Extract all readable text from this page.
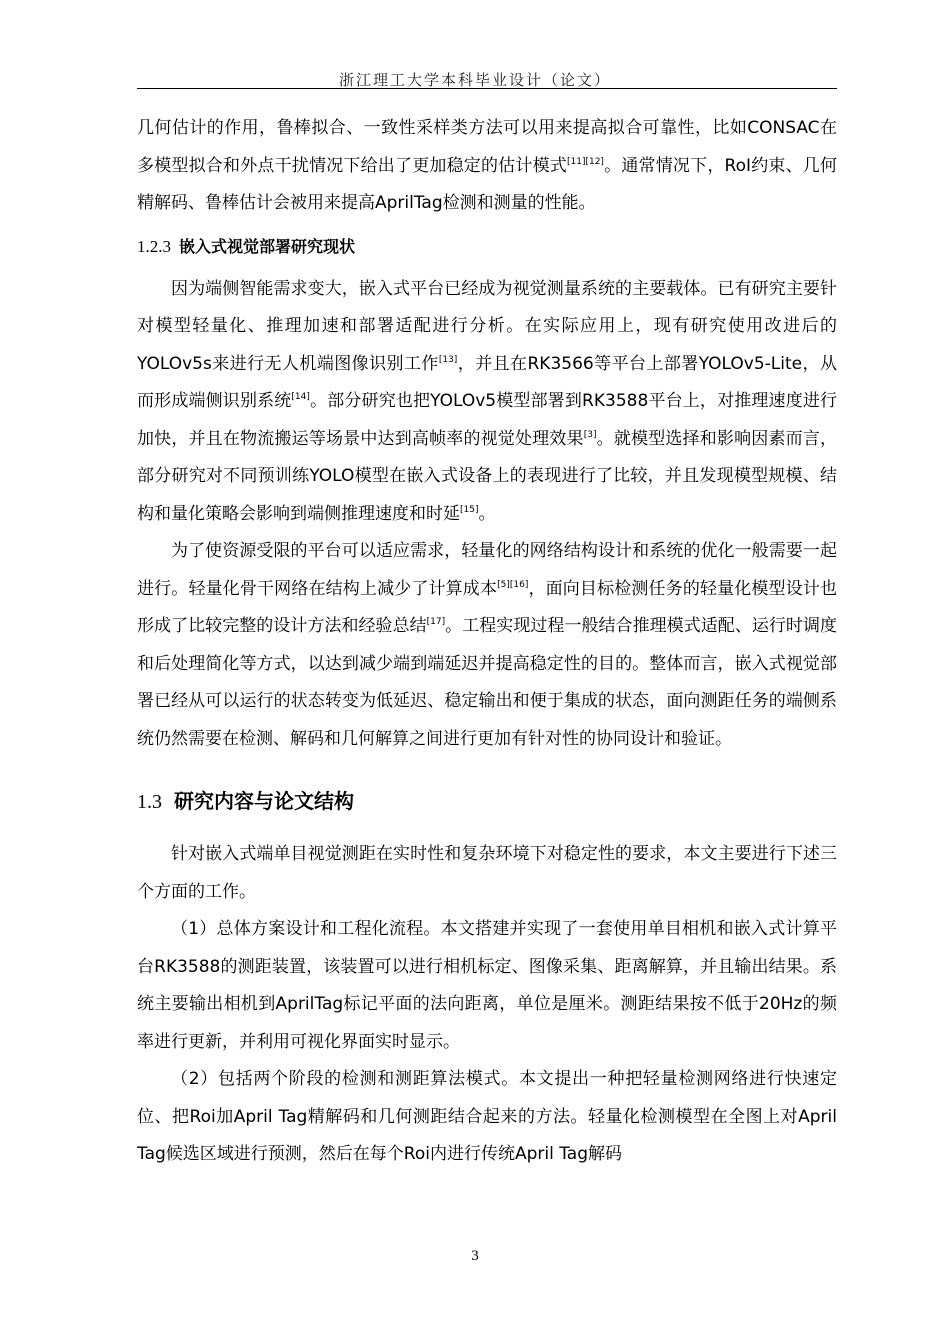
浙江理工大学本科毕业设计（论文）

几何估计的作用，鲁棒拟合、一致性采样类方法可以用来提高拟合可靠性，比如CONSAC在多模型拟合和外点干扰情况下给出了更加稳定的估计模式[11][12]。通常情况下，RoI约束、几何精解码、鲁棒估计会被用来提高AprilTag检测和测量的性能。

1.2.3 嵌入式视觉部署研究现状

因为端侧智能需求变大，嵌入式平台已经成为视觉测量系统的主要载体。已有研究主要针对模型轻量化、推理加速和部署适配进行分析。在实际应用上，现有研究使用改进后的YOLOv5s来进行无人机端图像识别工作[13]，并且在RK3566等平台上部署YOLOv5-Lite，从而形成端侧识别系统[14]。部分研究也把YOLOv5模型部署到RK3588平台上，对推理速度进行加快，并且在物流搬运等场景中达到高帧率的视觉处理效果[3]。就模型选择和影响因素而言，部分研究对不同预训练YOLO模型在嵌入式设备上的表现进行了比较，并且发现模型规模、结构和量化策略会影响到端侧推理速度和时延[15]。

为了使资源受限的平台可以适应需求，轻量化的网络结构设计和系统的优化一般需要一起进行。轻量化骨干网络在结构上减少了计算成本[5][16]，面向目标检测任务的轻量化模型设计也形成了比较完整的设计方法和经验总结[17]。工程实现过程一般结合推理模式适配、运行时调度和后处理简化等方式，以达到减少端到端延迟并提高稳定性的目的。整体而言，嵌入式视觉部署已经从可以运行的状态转变为低延迟、稳定输出和便于集成的状态，面向测距任务的端侧系统仍然需要在检测、解码和几何解算之间进行更加有针对性的协同设计和验证。

1.3 研究内容与论文结构

针对嵌入式端单目视觉测距在实时性和复杂环境下对稳定性的要求，本文主要进行下述三个方面的工作。

（1）总体方案设计和工程化流程。本文搭建并实现了一套使用单目相机和嵌入式计算平台RK3588的测距装置，该装置可以进行相机标定、图像采集、距离解算，并且输出结果。系统主要输出相机到AprilTag标记平面的法向距离，单位是厘米。测距结果按不低于20Hz的频率进行更新，并利用可视化界面实时显示。

（2）包括两个阶段的检测和测距算法模式。本文提出一种把轻量检测网络进行快速定位、把Roi加April Tag精解码和几何测距结合起来的方法。轻量化检测模型在全图上对April Tag候选区域进行预测，然后在每个Roi内进行传统April Tag解码

3
